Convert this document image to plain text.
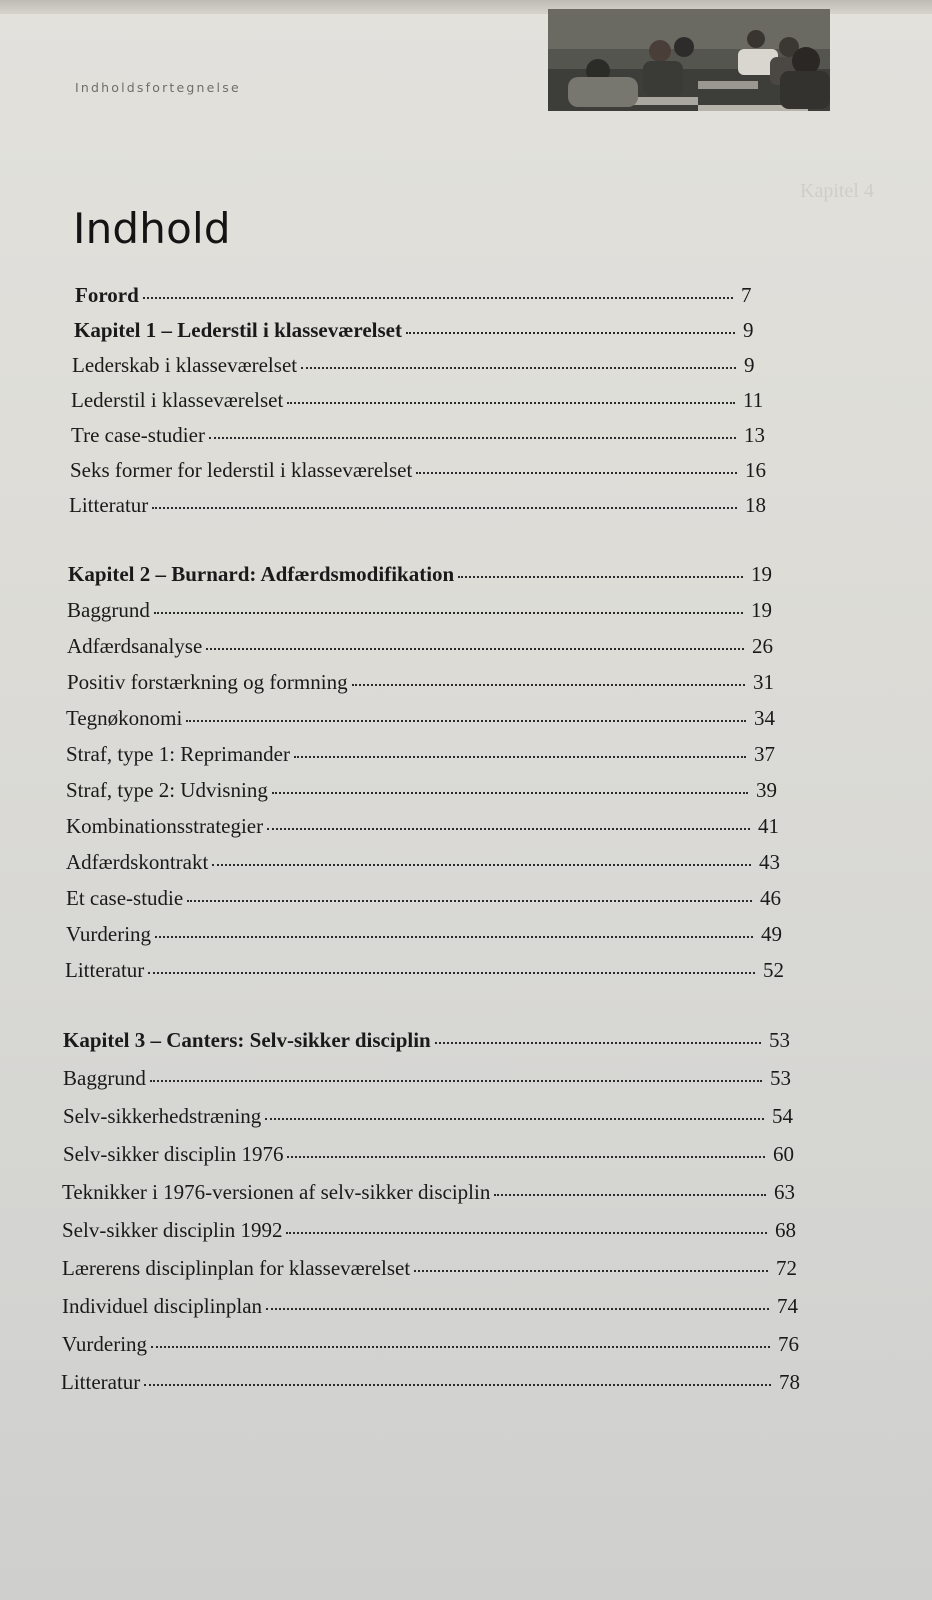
Indholdsfortegnelse
Indhold
Kapitel 4
Forord	7
Kapitel 1 – Lederstil i klasseværelset	9
Lederskab i klasseværelset	9
Lederstil i klasseværelset	11
Tre case-studier	13
Seks former for lederstil i klasseværelset	16
Litteratur	18
Kapitel 2 – Burnard: Adfærdsmodifikation	19
Baggrund	19
Adfærdsanalyse	26
Positiv forstærkning og formning	31
Tegnøkonomi	34
Straf, type 1: Reprimander	37
Straf, type 2: Udvisning	39
Kombinationsstrategier	41
Adfærdskontrakt	43
Et case-studie	46
Vurdering	49
Litteratur	52
Kapitel 3 – Canters: Selv-sikker disciplin	53
Baggrund	53
Selv-sikkerhedstræning	54
Selv-sikker disciplin 1976	60
Teknikker i 1976-versionen af selv-sikker disciplin	63
Selv-sikker disciplin 1992	68
Lærerens disciplinplan for klasseværelset	72
Individuel disciplinplan	74
Vurdering	76
Litteratur	78
